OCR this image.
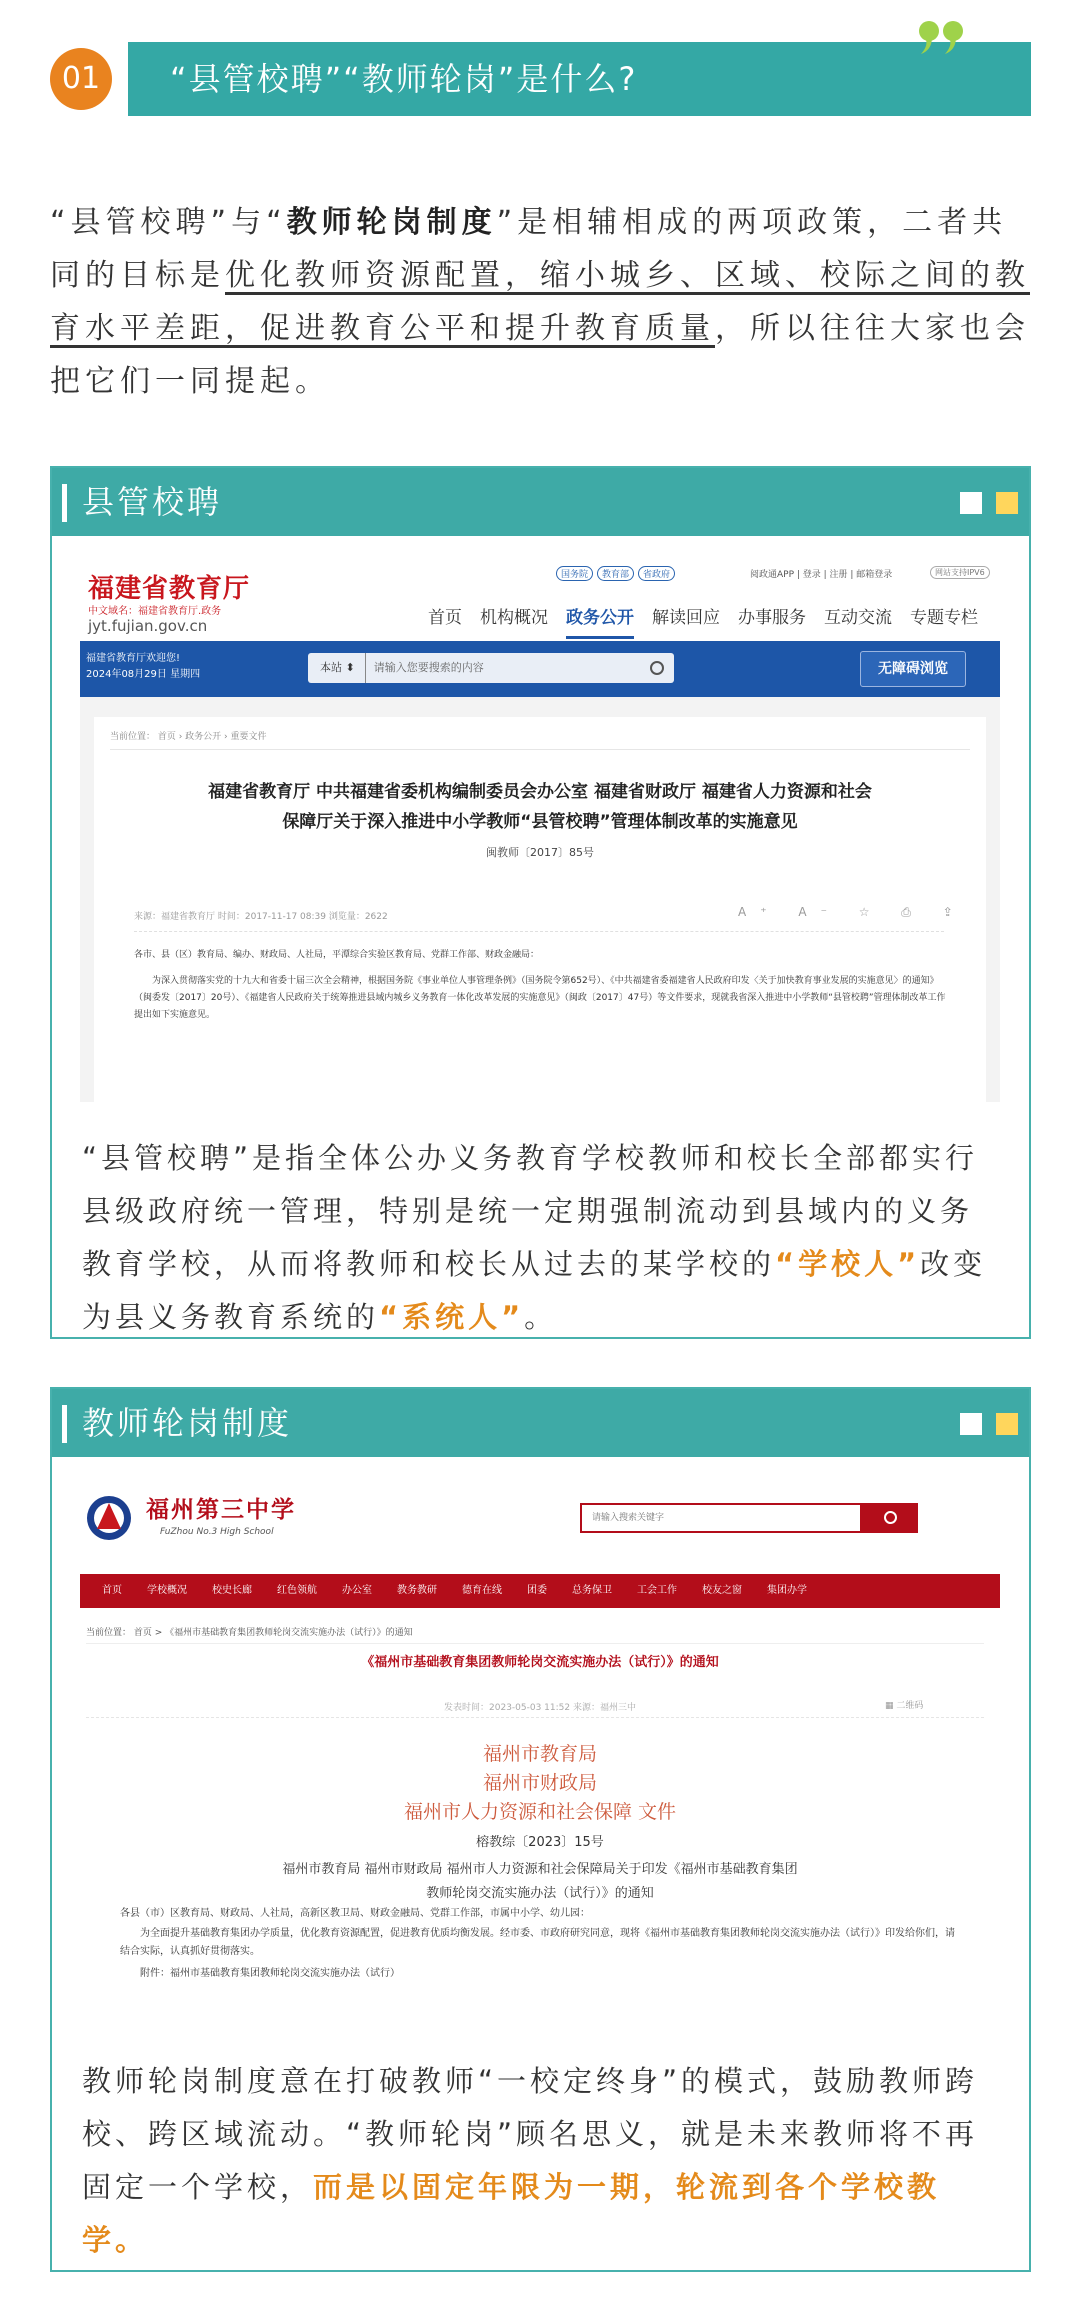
01	“县管校聘”“教师轮岗”是什么?

“县管校聘”与“教师轮岗制度”是相辅相成的两项政策，二者共同的目标是优化教师资源配置，缩小城乡、区域、校际之间的教育水平差距，促进教育公平和提升教育质量，所以往往大家也会把它们一同提起。

县管校聘
福建省教育厅
中文域名：福建省教育厅.政务
jyt.fujian.gov.cn
国务院 教育部 省政府	阅政通APP | 登录 | 注册 | 邮箱登录	网站支持IPV6
首页 机构概况 政务公开 解读回应 办事服务 互动交流 专题专栏
福建省教育厅欢迎您!
2024年08月29日 星期四
本站 ⬍ 请输入您要搜索的内容	无障碍浏览
当前位置： 首页 › 政务公开 › 重要文件
福建省教育厅 中共福建省委机构编制委员会办公室 福建省财政厅 福建省人力资源和社会
保障厅关于深入推进中小学教师“县管校聘”管理体制改革的实施意见
闽教师〔2017〕85号
来源：福建省教育厅 时间：2017-11-17 08:39 浏览量：2622	A⁺ A⁻ ☆ ⎙ ⇪
各市、县（区）教育局、编办、财政局、人社局，平潭综合实验区教育局、党群工作部、财政金融局：
为深入贯彻落实党的十九大和省委十届三次全会精神，根据国务院《事业单位人事管理条例》（国务院令第652号）、《中共福建省委福建省人民政府印发〈关于加快教育事业发展的实施意见〉的通知》（闽委发〔2017〕20号）、《福建省人民政府关于统筹推进县域内城乡义务教育一体化改革发展的实施意见》（闽政〔2017〕47号）等文件要求，现就我省深入推进中小学教师“县管校聘”管理体制改革工作提出如下实施意见。

“县管校聘”是指全体公办义务教育学校教师和校长全部都实行县级政府统一管理，特别是统一定期强制流动到县域内的义务教育学校，从而将教师和校长从过去的某学校的“学校人”改变为县义务教育系统的“系统人”。

教师轮岗制度
福州第三中学
FuZhou No.3 High School
请输入搜索关键字
首页	学校概况	校史长廊	红色领航	办公室	教务教研	德育在线	团委	总务保卫	工会工作	校友之窗	集团办学
当前位置： 首页 > 《福州市基础教育集团教师轮岗交流实施办法（试行）》的通知
《福州市基础教育集团教师轮岗交流实施办法（试行）》的通知
发表时间：2023-05-03 11:52 来源：福州三中	▦ 二维码
福州市教育局
福州市财政局
福州市人力资源和社会保障 文件
榕教综〔2023〕15号
福州市教育局 福州市财政局 福州市人力资源和社会保障局关于印发《福州市基础教育集团
教师轮岗交流实施办法（试行）》的通知
各县（市）区教育局、财政局、人社局，高新区教卫局、财政金融局、党群工作部，市属中小学、幼儿园：
为全面提升基础教育集团办学质量，优化教育资源配置，促进教育优质均衡发展。经市委、市政府研究同意，现将《福州市基础教育集团教师轮岗交流实施办法（试行）》印发给你们，请结合实际，认真抓好贯彻落实。
附件：福州市基础教育集团教师轮岗交流实施办法（试行）

教师轮岗制度意在打破教师“一校定终身”的模式，鼓励教师跨校、跨区域流动。“教师轮岗”顾名思义，就是未来教师将不再固定一个学校，而是以固定年限为一期，轮流到各个学校教学。
